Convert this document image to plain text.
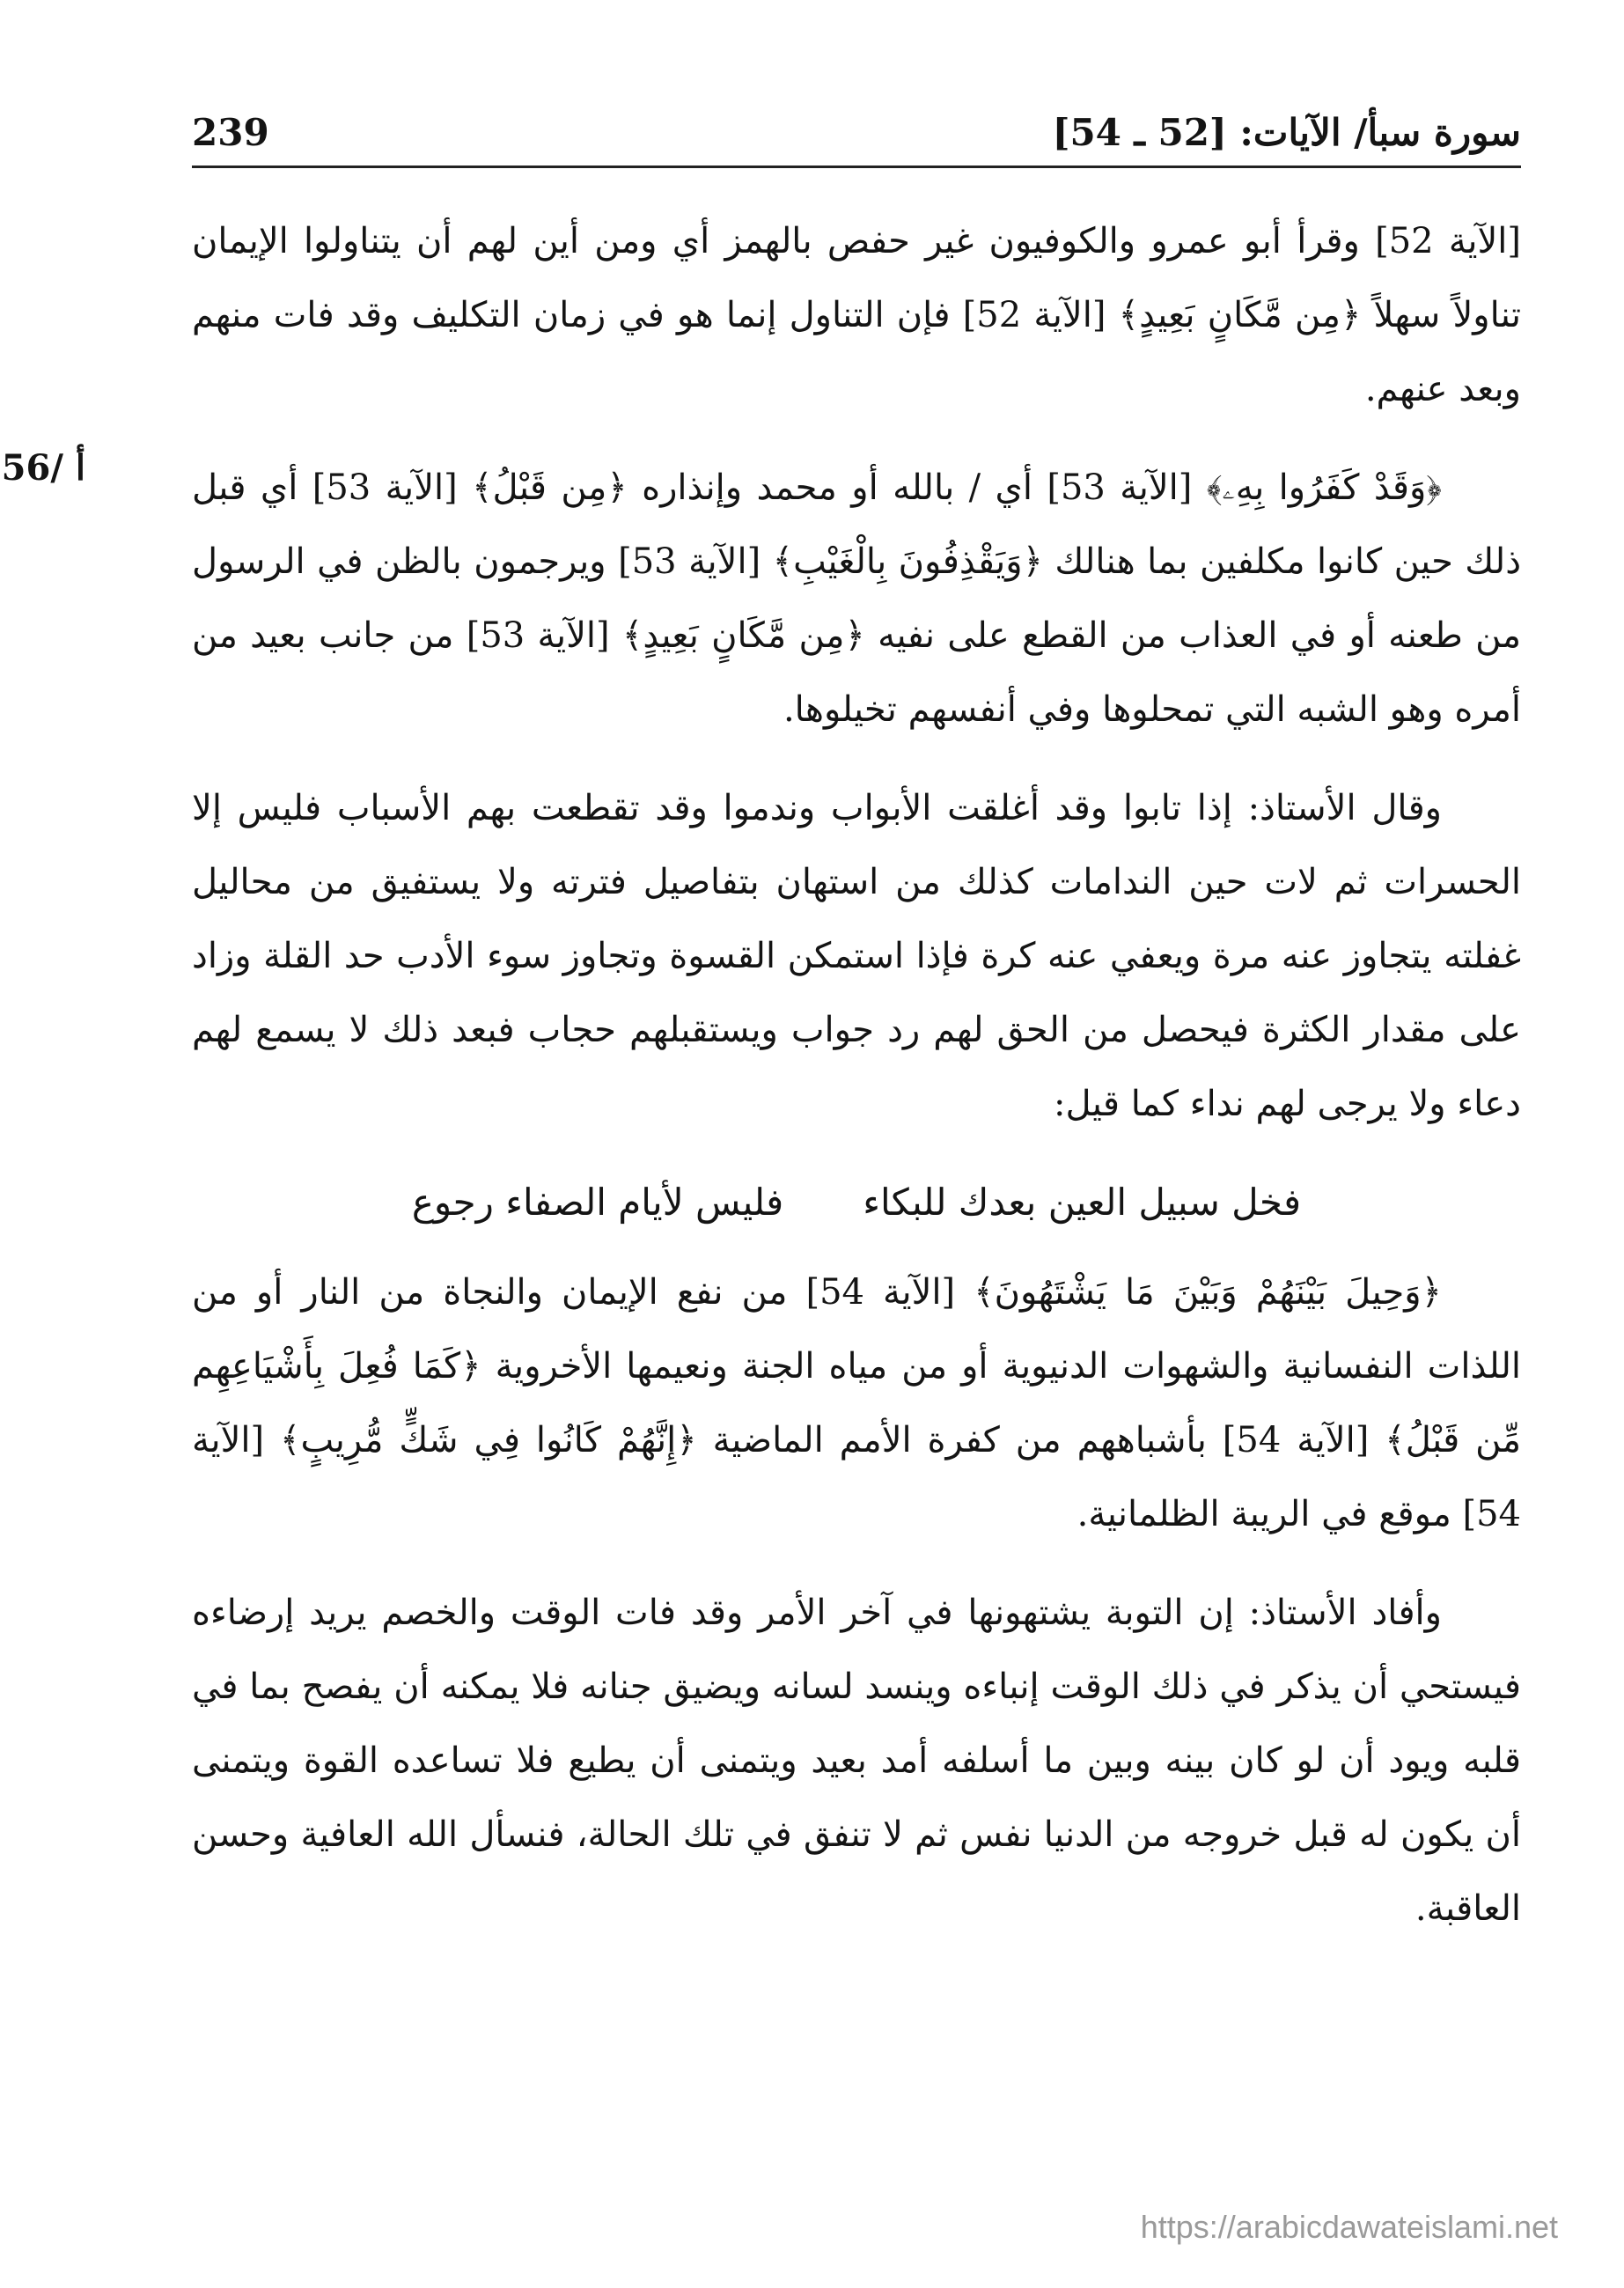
سورة سبأ/ الآيات: [52 ـ 54]
239
56/ أ

[الآية 52] وقرأ أبو عمرو والكوفيون غير حفص بالهمز أي ومن أين لهم أن يتناولوا الإيمان تناولاً سهلاً ﴿مِن مَّكَانٍ بَعِيدٍ﴾ [الآية 52] فإن التناول إنما هو في زمان التكليف وقد فات منهم وبعد عنهم.

﴿وَقَدْ كَفَرُوا بِهِۦ﴾ [الآية 53] أي / بالله أو محمد وإنذاره ﴿مِن قَبْلُ﴾ [الآية 53] أي قبل ذلك حين كانوا مكلفين بما هنالك ﴿وَيَقْذِفُونَ بِالْغَيْبِ﴾ [الآية 53] ويرجمون بالظن في الرسول من طعنه أو في العذاب من القطع على نفيه ﴿مِن مَّكَانٍ بَعِيدٍ﴾ [الآية 53] من جانب بعيد من أمره وهو الشبه التي تمحلوها وفي أنفسهم تخيلوها.

وقال الأستاذ: إذا تابوا وقد أغلقت الأبواب وندموا وقد تقطعت بهم الأسباب فليس إلا الحسرات ثم لات حين الندامات كذلك من استهان بتفاصيل فترته ولا يستفيق من محاليل غفلته يتجاوز عنه مرة ويعفي عنه كرة فإذا استمكن القسوة وتجاوز سوء الأدب حد القلة وزاد على مقدار الكثرة فيحصل من الحق لهم رد جواب ويستقبلهم حجاب فبعد ذلك لا يسمع لهم دعاء ولا يرجى لهم نداء كما قيل:

فخل سبيل العين بعدك للبكاء
فليس لأيام الصفاء رجوع

﴿وَحِيلَ بَيْنَهُمْ وَبَيْنَ مَا يَشْتَهُونَ﴾ [الآية 54] من نفع الإيمان والنجاة من النار أو من اللذات النفسانية والشهوات الدنيوية أو من مياه الجنة ونعيمها الأخروية ﴿كَمَا فُعِلَ بِأَشْيَاعِهِم مِّن قَبْلُ﴾ [الآية 54] بأشباههم من كفرة الأمم الماضية ﴿إِنَّهُمْ كَانُوا فِي شَكٍّ مُّرِيبٍ﴾ [الآية 54] موقع في الريبة الظلمانية.

وأفاد الأستاذ: إن التوبة يشتهونها في آخر الأمر وقد فات الوقت والخصم يريد إرضاءه فيستحي أن يذكر في ذلك الوقت إنباءه وينسد لسانه ويضيق جنانه فلا يمكنه أن يفصح بما في قلبه ويود أن لو كان بينه وبين ما أسلفه أمد بعيد ويتمنى أن يطيع فلا تساعده القوة ويتمنى أن يكون له قبل خروجه من الدنيا نفس ثم لا تنفق في تلك الحالة، فنسأل الله العافية وحسن العاقبة.

https://arabicdawateislami.net
